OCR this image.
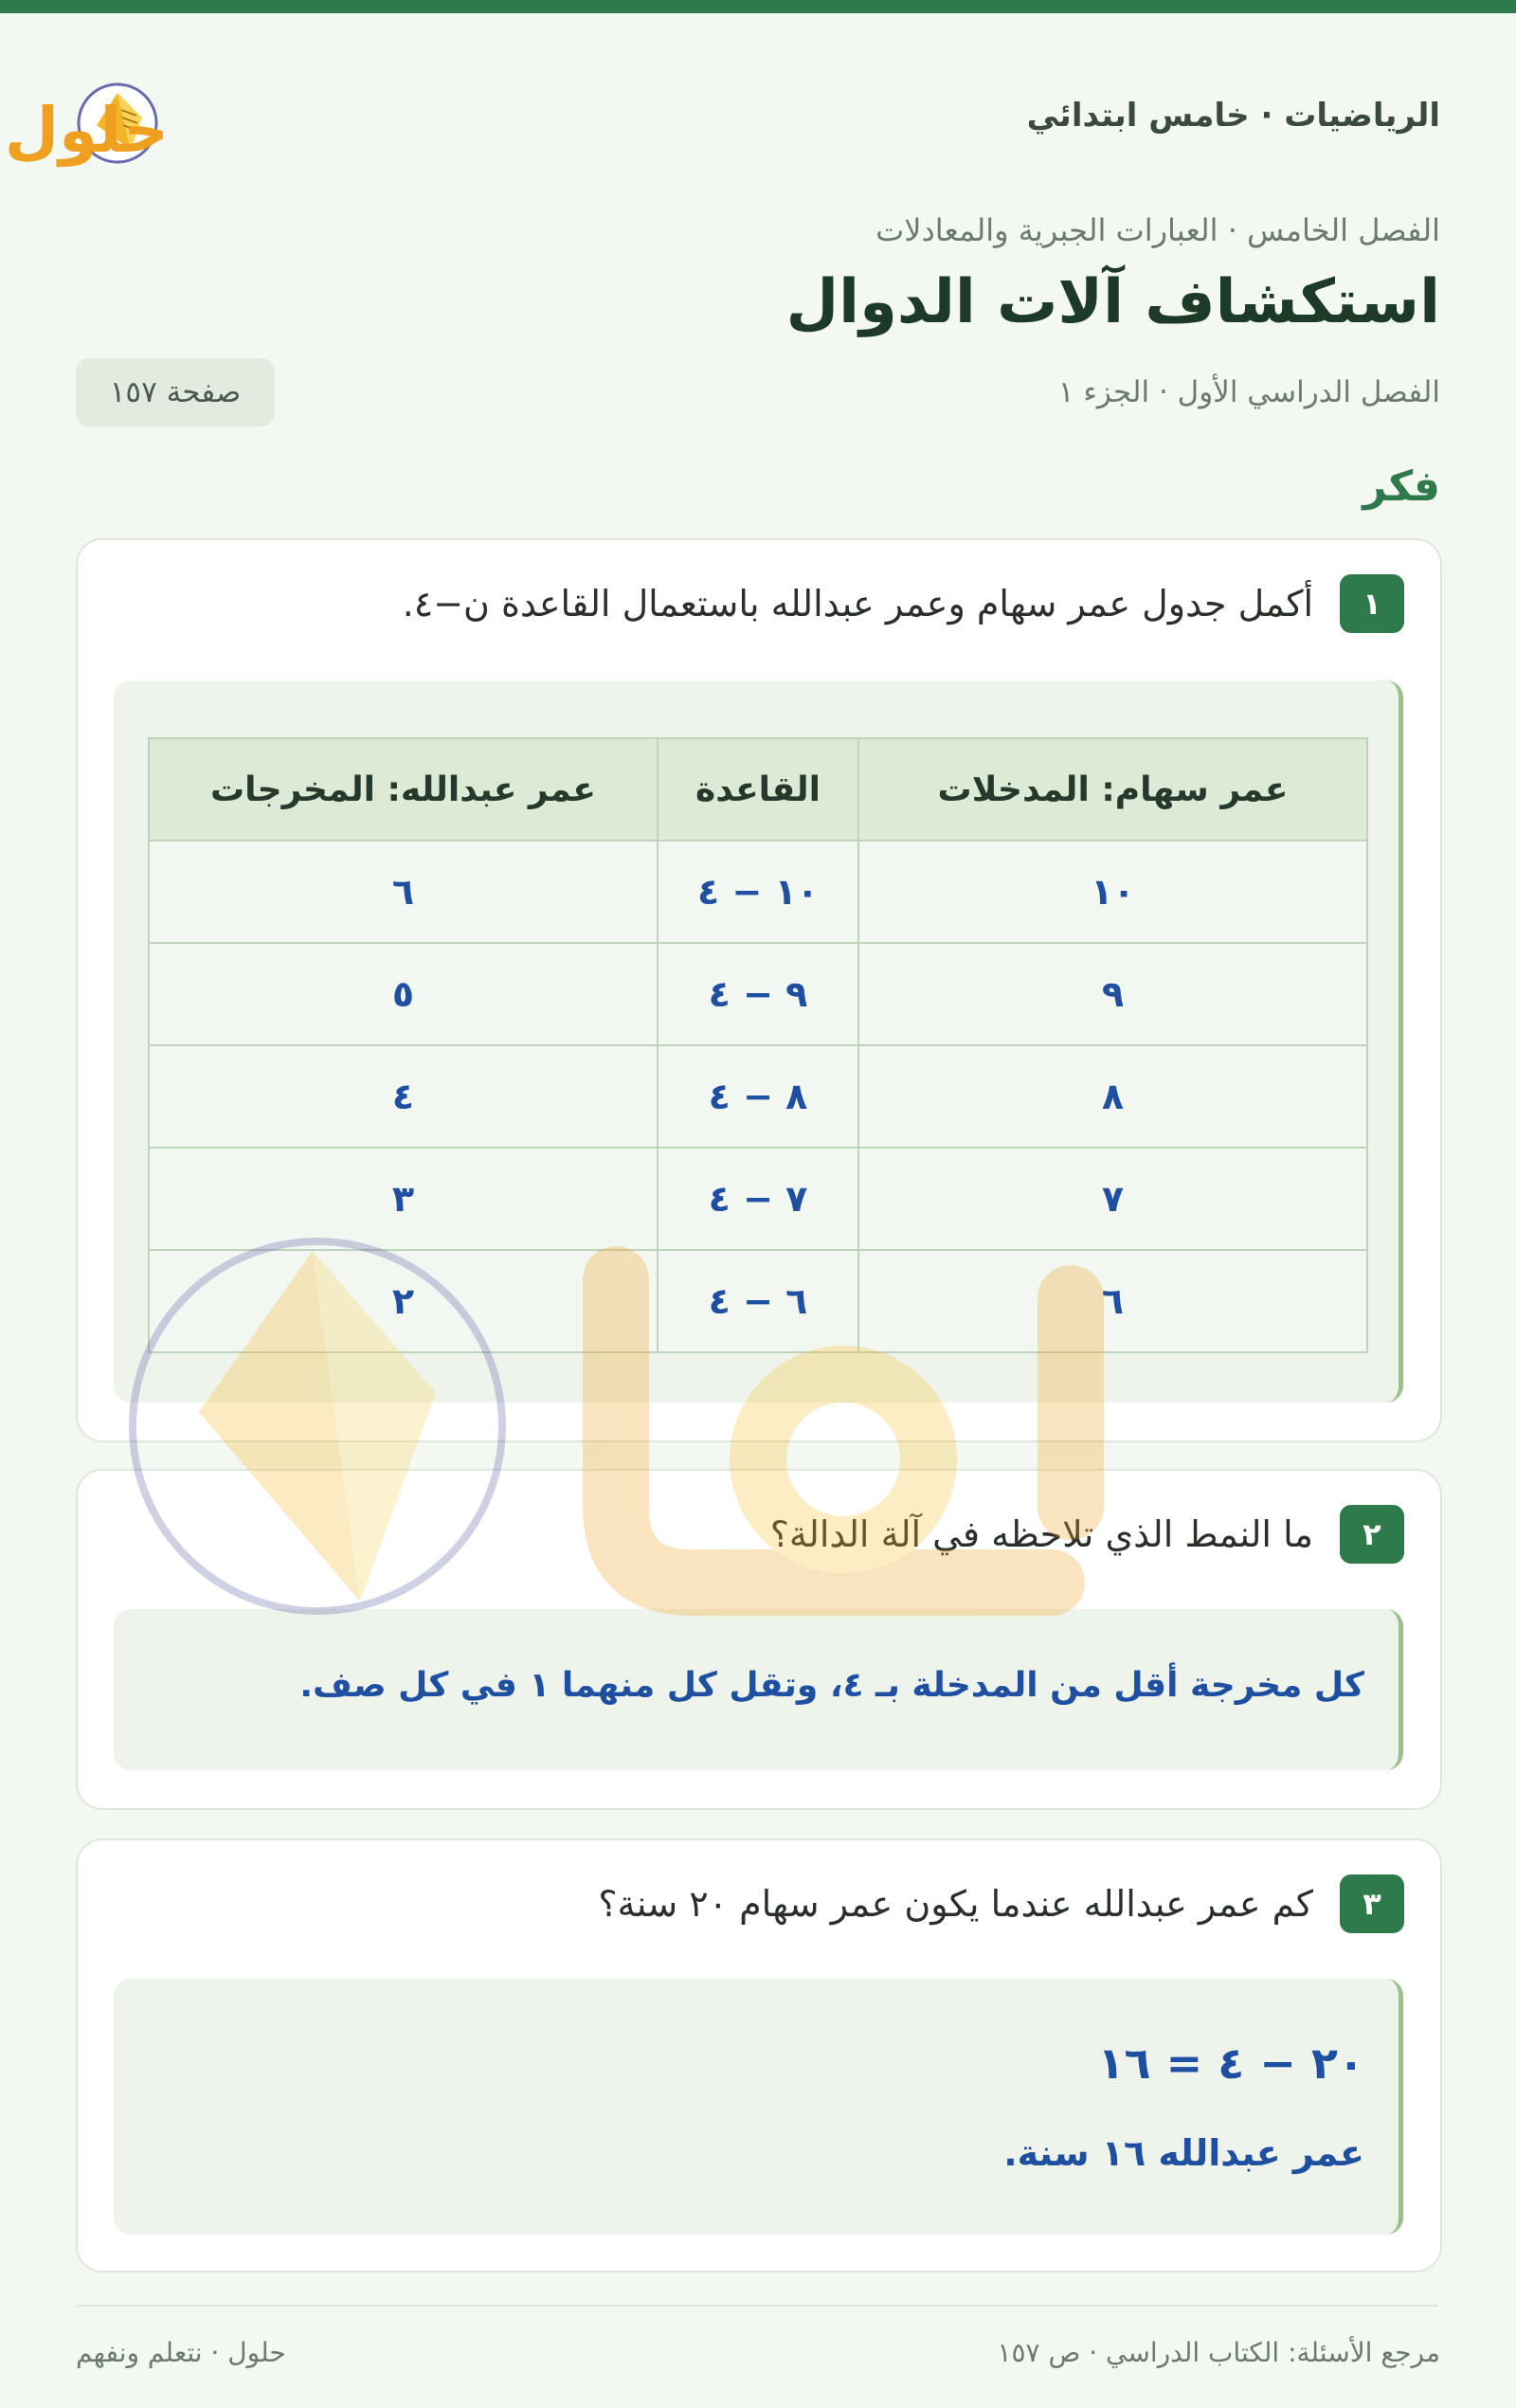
حلول	الرياضيات · خامس ابتدائي
الفصل الخامس · العبارات الجبرية والمعادلات
استكشاف آلات الدوال
الفصل الدراسي الأول · الجزء ١
صفحة ١٥٧
فكر
١
أكمل جدول عمر سهام وعمر عبدالله باستعمال القاعدة ن−٤.
عمر سهام: المدخلات	القاعدة	عمر عبدالله: المخرجات
١٠	١٠ − ٤	٦
٩	٩ − ٤	٥
٨	٨ − ٤	٤
٧	٧ − ٤	٣
٦	٦ − ٤	٢
٢
ما النمط الذي تلاحظه في آلة الدالة؟
كل مخرجة أقل من المدخلة بـ ٤، وتقل كل منهما ١ في كل صف.
٣
كم عمر عبدالله عندما يكون عمر سهام ٢٠ سنة؟
٢٠ − ٤ = ١٦
عمر عبدالله ١٦ سنة.
مرجع الأسئلة: الكتاب الدراسي · ص ١٥٧
حلول · نتعلم ونفهم
